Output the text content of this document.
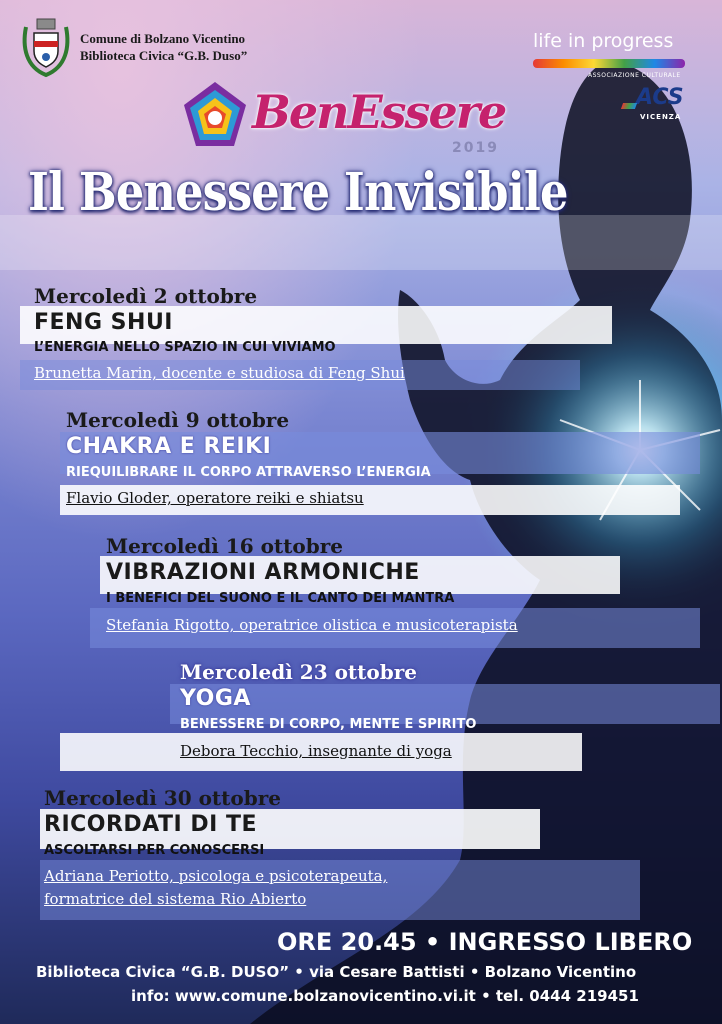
Comune di Bolzano Vicentino
Biblioteca Civica “G.B. Duso”
BenEssere
2019
life in progress
ASSOCIAZIONE CULTURALE
ACS
VICENZA
Il Benessere Invisibile
Mercoledì 2 ottobre
FENG SHUI
L’ENERGIA NELLO SPAZIO IN CUI VIVIAMO
Brunetta Marin, docente e studiosa di Feng Shui
Mercoledì 9 ottobre
CHAKRA E REIKI
RIEQUILIBRARE IL CORPO ATTRAVERSO L’ENERGIA
Flavio Gloder, operatore reiki e shiatsu
Mercoledì 16 ottobre
VIBRAZIONI ARMONICHE
I BENEFICI DEL SUONO E IL CANTO DEI MANTRA
Stefania Rigotto, operatrice olistica e musicoterapista
Mercoledì 23 ottobre
YOGA
BENESSERE DI CORPO, MENTE E SPIRITO
Debora Tecchio, insegnante di yoga
Mercoledì 30 ottobre
RICORDATI DI TE
ASCOLTARSI PER CONOSCERSI
Adriana Periotto, psicologa e psicoterapeuta,
formatrice del sistema Rio Abierto
ORE 20.45 • INGRESSO LIBERO
Biblioteca Civica “G.B. DUSO” • via Cesare Battisti • Bolzano Vicentino
info: www.comune.bolzanovicentino.vi.it • tel. 0444 219451
